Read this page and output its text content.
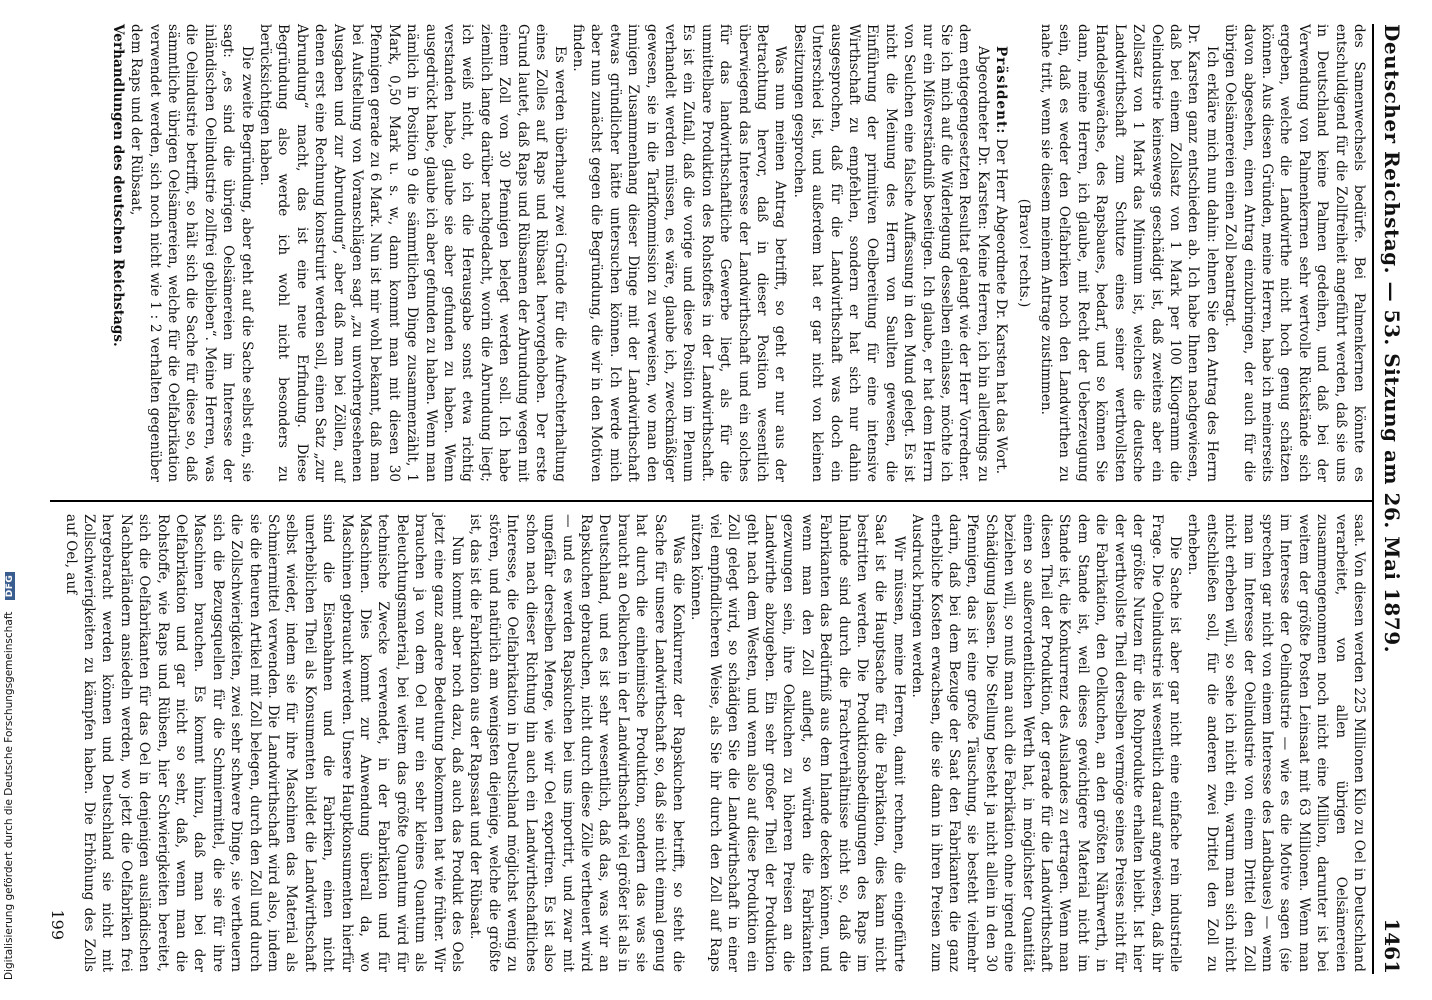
Deutscher Reichstag. — 53. Sitzung am 26. Mai 1879.
1461

des Samenwechsels bedürfe. Bei Palmenkernen könnte es entschuldigend für die Zollfreiheit angeführt werden, daß sie uns in Deutschland keine Palmen gedeihen, und daß bei der Verwendung von Palmenkernen sehr wertvolle Rückstände sich ergeben, welche die Landwirthe nicht hoch genug schätzen können. Aus diesen Gründen, meine Herren, habe ich meinerseits davon abgesehen, einen Antrag einzubringen, der auch für die übrigen Oelsämereien einen Zoll beantragt.

Ich erkläre mich nun dahin: lehnen Sie den Antrag des Herrn Dr. Karsten ganz entschieden ab. Ich habe Ihnen nachgewiesen, daß bei einem Zollsatz von 1 Mark per 100 Kilogramm die Oelindustrie keineswegs geschädigt ist, daß zweitens aber ein Zollsatz von 1 Mark das Minimum ist, welches die deutsche Landwirthschaft zum Schutze eines seiner werthvollsten Handelsgewächse, des Rapsbaues, bedarf, und so können Sie dann, meine Herren, ich glaube, mit Recht der Ueberzeugung sein, daß es weder den Oelfabriken noch den Landwirthen zu nahe tritt, wenn sie diesem meinem Antrage zustimmen.

(Bravo! rechts.)

Präsident: Der Herr Abgeordnete Dr. Karsten hat das Wort.

Abgeordneter Dr. Karsten: Meine Herren, ich bin allerdings zu dem entgegengesetzten Resultat gelangt wie der Herr Vorredner. Sie ich mich auf die Widerlegung desselben einlasse, möchte ich nur ein Mißverständniß beseitigen. Ich glaube, er hat dem Herrn von Seulchen eine falsche Auffassung in den Mund gelegt. Es ist nicht die Meinung des Herrn von Saulten gewesen, die Einführung der primitiven Oelbereitung für eine intensive Wirthschaft zu empfehlen, sondern er hat sich nur dahin ausgesprochen, daß für die Landwirthschaft was doch ein Unterschied ist, und außerdem hat er gar nicht von kleinen Besitzungen gesprochen.

Was nun meinen Antrag betrifft, so geht er nur aus der Betrachtung hervor, daß in dieser Position wesentlich überwiegend das Interesse der Landwirthschaft und ein solches für das landwirthschaftliche Gewerbe liegt, als für die unmittelbare Produktion des Rohstoffes in der Landwirthschaft. Es ist ein Zufall, daß die vorige und diese Position im Plenum verhandelt werden müssen, es wäre, glaube ich, zweckmäßiger gewesen, sie in die Tarifkommission zu verweisen, wo man den innigen Zusammenhang dieser Dinge mit der Landwirthschaft etwas gründlicher hätte untersuchen können. Ich werde mich aber nun zunächst gegen die Begründung, die wir in den Motiven finden.

Es werden überhaupt zwei Gründe für die Aufrechterhaltung eines Zolles auf Raps und Rübsaat hervorgehoben. Der erste Grund lautet, daß Raps und Rübsamen der Abrundung wegen mit einem Zoll von 30 Pfennigen belegt werden soll. Ich habe ziemlich lange darüber nachgedacht, worin die Abrundung liegt; ich weiß nicht, ob ich die Herausgabe sonst etwa richtig verstanden habe, glaube sie aber gefunden zu haben. Wenn ausgedrückt habe, glaube ich aber gefunden zu haben. Wenn man nämlich in Position 9 die sämmtlichen Dinge zusammenzählt, 1 Mark, 0,50 Mark u. s. w., dann kommt man mit diesen 30 Pfennigen gerade zu 6 Mark. Nun ist mir wohl bekannt, daß man bei Aufstellung von Voranschlägen sagt „zu unvorhergesehenen Ausgaben und zur Abrundung“, aber daß man bei Zöllen, auf denen erst eine Rechnung konstruirt werden soll, einen Satz „zur Abrundung“ macht, das ist eine neue Erfindung. Diese Begründung also werde ich wohl nicht besonders zu berücksichtigen haben.

Die zweite Begründung, aber geht auf die Sache selbst ein, sie sagt: „es sind die übrigen Oelsämereien im Interesse der inländischen Oelindustrie zollfrei geblieben“. Meine Herren, was die Oelindustrie betrifft, so hält sich die Sache für diese so, daß sämmtliche übrigen Oelsämereien, welche für die Oelfabrikation verwendet werden, sich noch nicht wie 1 : 2 verhalten gegenüber dem Raps und der Rübsaat,

Verhandlungen des deutschen Reichstags.

saat. Von diesen werden 225 Millionen Kilo zu Oel in Deutschland verarbeitet, von allen übrigen Oelsämereien zusammengenommen noch nicht eine Million, darunter ist bei weitem der größte Posten Leinsaat mit 63 Millionen. Wenn man im Interesse der Oelindustrie — wie es die Motive sagen (sie sprechen gar nicht von einem Interesse des Landbaues) — wenn man im Interesse der Oelindustrie von einem Drittel den Zoll nicht erheben will, so sehe ich nicht ein, warum man sich nicht entschließen soll, für die anderen zwei Drittel den Zoll zu erheben.

Die Sache ist aber gar nicht eine einfache rein industrielle Frage. Die Oelindustrie ist wesentlich darauf angewiesen, daß ihr der größte Nutzen für die Rohprodukte erhalten bleibt. Ist hier der werthvollste Theil derselben vermöge seines Preises nicht für die Fabrikation, den Oelkuchen, an den größten Nährwerth, in dem Stande ist, weil dieses gewichtigere Material nicht im Stande ist, die Konkurrenz des Auslandes zu ertragen. Wenn man diesen Theil der Produktion, der gerade für die Landwirthschaft einen so außerordentlichen Werth hat, in möglichster Quantität beziehen will, so muß man auch die Fabrikation ohne irgend eine Schädigung lassen. Die Stellung besteht ja nicht allein in den 30 Pfennigen, das ist eine große Täuschung, sie besteht vielmehr darin, daß bei dem Bezuge der Saat den Fabrikanten die ganz erhebliche Kosten erwachsen, die sie dann in ihren Preisen zum Ausdruck bringen werden.

Wir müssen, meine Herren, damit rechnen, die eingeführte Saat ist die Hauptsache für die Fabrikation, dies kann nicht bestritten werden. Die Produktionsbedingungen des Raps im Inlande sind durch die Frachtverhältnisse nicht so, daß die Fabrikanten das Bedürfniß aus dem Inlande decken können, und wenn man den Zoll auflegt, so würden die Fabrikanten gezwungen sein, ihre Oelkuchen zu höheren Preisen an die Landwirthe abzugeben. Ein sehr großer Theil der Produktion geht nach dem Westen, und wenn also auf diese Produktion ein Zoll gelegt wird, so schädigen Sie die Landwirthschaft in einer viel empfindlicheren Weise, als Sie ihr durch den Zoll auf Raps nützen können.

Was die Konkurrenz der Rapskuchen betrifft, so steht die Sache für unsere Landwirthschaft so, daß sie nicht einmal genug hat durch die einheimische Produktion, sondern das was sie braucht an Oelkuchen in der Landwirthschaft viel größer ist als in Deutschland, und es ist sehr wesentlich, daß das, was wir an Rapskuchen gebrauchen, nicht durch diese Zölle vertheuert wird — und es werden Rapskuchen bei uns importirt, und zwar mit ungefähr derselben Menge, wie wir Oel exportiren. Es ist also schon nach dieser Richtung hin auch ein Landwirthschaftliches Interesse, die Oelfabrikation in Deutschland möglichst wenig zu stören, und natürlich am wenigsten diejenige, welche die größte ist, das ist die Fabrikation aus der Rapssaat und der Rübsaat.

Nun kommt aber noch dazu, daß auch das Produkt des Oels jetzt eine ganz andere Bedeutung bekommen hat wie früher. Wir brauchen ja von dem Oel nur ein sehr kleines Quantum als Beleuchtungsmaterial, bei weitem das größte Quantum wird für technische Zwecke verwendet, in der Fabrikation und für Maschinen. Dies kommt zur Anwendung überall da, wo Maschinen gebraucht werden. Unsere Hauptkonsumenten hierfür sind die Eisenbahnen und die Fabriken, einen nicht unerheblichen Theil als Konsumenten bildet die Landwirthschaft selbst wieder, indem sie für ihre Maschinen das Material als Schmiermittel verwenden. Die Landwirthschaft wird also, indem sie die theuren Artikel mit Zoll belegen, durch den Zoll und durch die Zollschwierigkeiten, zwei sehr schwere Dinge, sie vertheuern sich die Bezugsquellen für die Schmiermittel, die sie für ihre Maschinen brauchen. Es kommt hinzu, daß man bei der Oelfabrikation und gar nicht so sehr, daß, wenn man die Rohstoffe, wie Raps und Rübsen, hier Schwierigkeiten bereitet, sich die Oelfabrikanten für das Oel in denjenigen ausländischen Nachbarländern ansiedeln werden, wo jetzt die Oelfabriken frei hergebracht werden können und Deutschland sie nicht mit Zollschwierigkeiten zu kämpfen haben. Die Erhöhung des Zolls auf Oel, auf

199
Digitalisierung gefördert durch die Deutsche Forschungsgemeinschaft DFG
